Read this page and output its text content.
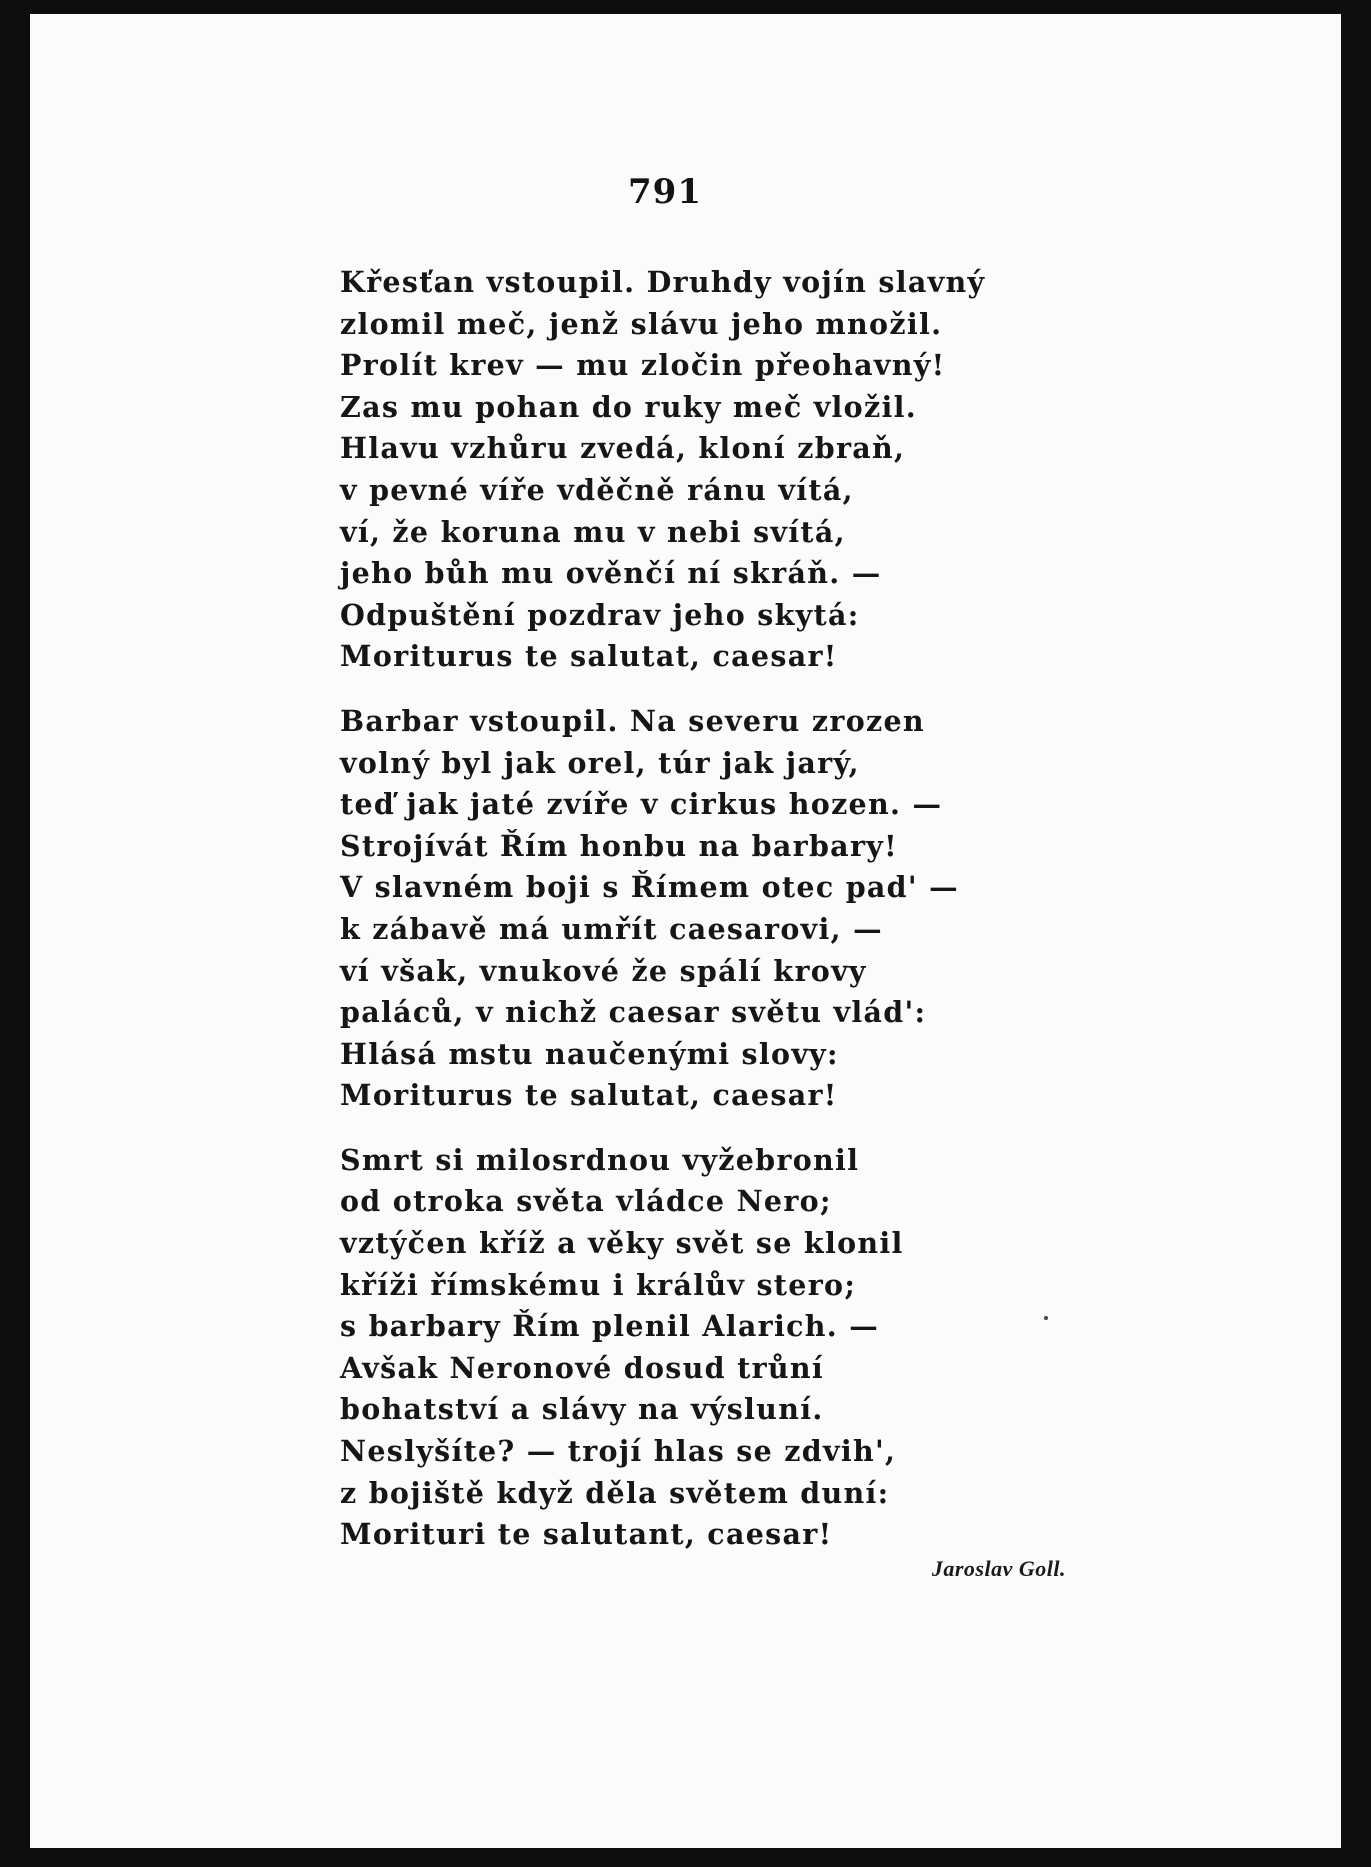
791

Křesťan vstoupil. Druhdy vojín slavný
zlomil meč, jenž slávu jeho množil.
Prolít krev — mu zločin přeohavný!
Zas mu pohan do ruky meč vložil.
Hlavu vzhůru zvedá, kloní zbraň,
v pevné víře vděčně ránu vítá,
ví, že koruna mu v nebi svítá,
jeho bůh mu ověnčí ní skráň. —
Odpuštění pozdrav jeho skytá:
Moriturus te salutat, caesar!

Barbar vstoupil. Na severu zrozen
volný byl jak orel, túr jak jarý,
teď jak jaté zvíře v cirkus hozen. —
Strojívát Řím honbu na barbary!
V slavném boji s Římem otec pad' —
k zábavě má umřít caesarovi, —
ví však, vnukové že spálí krovy
paláců, v nichž caesar světu vlád':
Hlásá mstu naučenými slovy:
Moriturus te salutat, caesar!

Smrt si milosrdnou vyžebronil
od otroka světa vládce Nero;
vztýčen kříž a věky svět se klonil
kříži římskému i králův stero;
s barbary Řím plenil Alarich. —
Avšak Neronové dosud trůní
bohatství a slávy na výsluní.
Neslyšíte? — trojí hlas se zdvih',
z bojiště když děla světem duní:
Morituri te salutant, caesar!

Jaroslav Goll.
